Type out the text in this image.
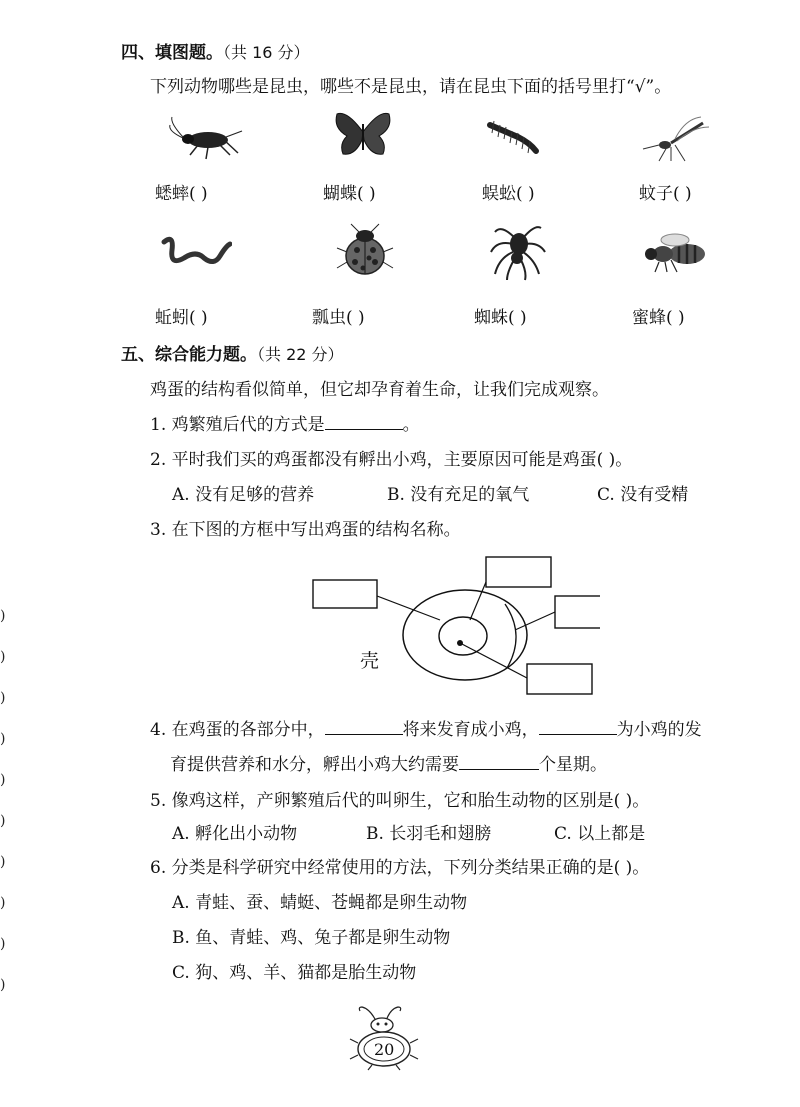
四、填图题。（共 16 分）
下列动物哪些是昆虫，哪些不是昆虫，请在昆虫下面的括号里打“√”。
蟋蟀( )	蝴蝶( )	蜈蚣( )	蚊子( )
蚯蚓( )	瓢虫( )	蜘蛛( )	蜜蜂( )
五、综合能力题。（共 22 分）
鸡蛋的结构看似简单，但它却孕育着生命，让我们完成观察。
1. 鸡繁殖后代的方式是	。
2. 平时我们买的鸡蛋都没有孵出小鸡，主要原因可能是鸡蛋( )。
A. 没有足够的营养	B. 没有充足的氧气	C. 没有受精
3. 在下图的方框中写出鸡蛋的结构名称。
壳
4. 在鸡蛋的各部分中，	将来发育成小鸡，	为小鸡的发
育提供营养和水分，孵出小鸡大约需要	个星期。
5. 像鸡这样，产卵繁殖后代的叫卵生，它和胎生动物的区别是( )。
A. 孵化出小动物	B. 长羽毛和翅膀	C. 以上都是
6. 分类是科学研究中经常使用的方法，下列分类结果正确的是( )。
A. 青蛙、蚕、蜻蜓、苍蝇都是卵生动物
B. 鱼、青蛙、鸡、兔子都是卵生动物
C. 狗、鸡、羊、猫都是胎生动物
)
)
)
)
)
)
)
)
)
)
20
